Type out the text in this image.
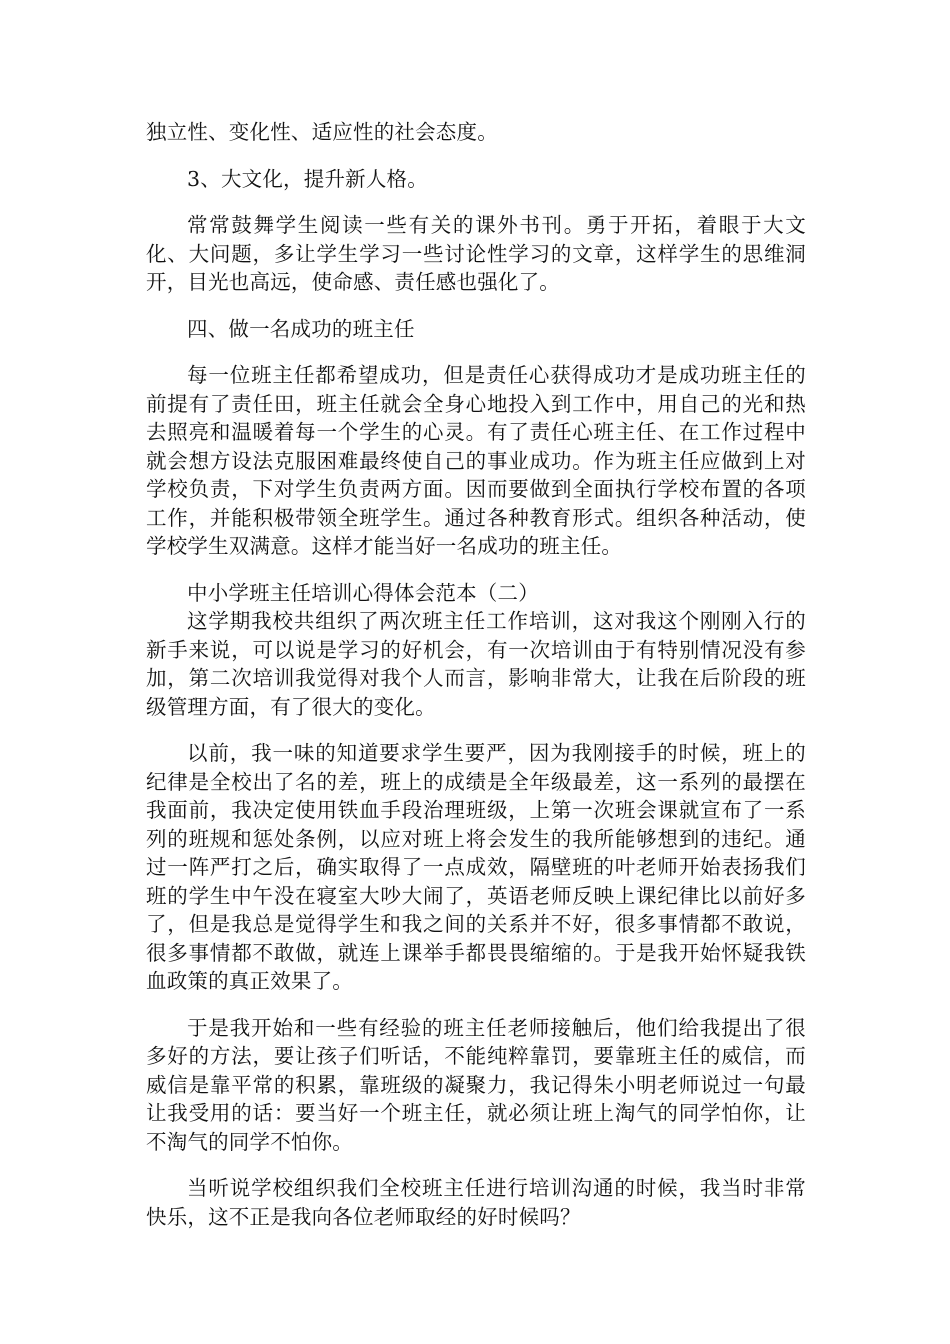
独立性、变化性、适应性的社会态度。

3、大文化，提升新人格。

常常鼓舞学生阅读一些有关的课外书刊。勇于开拓，着眼于大文化、大问题，多让学生学习一些讨论性学习的文章，这样学生的思维洞开，目光也高远，使命感、责任感也强化了。

四、做一名成功的班主任

每一位班主任都希望成功，但是责任心获得成功才是成功班主任的前提有了责任田，班主任就会全身心地投入到工作中，用自己的光和热去照亮和温暖着每一个学生的心灵。有了责任心班主任、在工作过程中就会想方设法克服困难最终使自己的事业成功。作为班主任应做到上对学校负责，下对学生负责两方面。因而要做到全面执行学校布置的各项工作，并能积极带领全班学生。通过各种教育形式。组织各种活动，使学校学生双满意。这样才能当好一名成功的班主任。

中小学班主任培训心得体会范本（二）

这学期我校共组织了两次班主任工作培训，这对我这个刚刚入行的新手来说，可以说是学习的好机会，有一次培训由于有特别情况没有参加，第二次培训我觉得对我个人而言，影响非常大，让我在后阶段的班级管理方面，有了很大的变化。

以前，我一味的知道要求学生要严，因为我刚接手的时候，班上的纪律是全校出了名的差，班上的成绩是全年级最差，这一系列的最摆在我面前，我决定使用铁血手段治理班级，上第一次班会课就宣布了一系列的班规和惩处条例，以应对班上将会发生的我所能够想到的违纪。通过一阵严打之后，确实取得了一点成效，隔壁班的叶老师开始表扬我们班的学生中午没在寝室大吵大闹了，英语老师反映上课纪律比以前好多了，但是我总是觉得学生和我之间的关系并不好，很多事情都不敢说，很多事情都不敢做，就连上课举手都畏畏缩缩的。于是我开始怀疑我铁血政策的真正效果了。

于是我开始和一些有经验的班主任老师接触后，他们给我提出了很多好的方法，要让孩子们听话，不能纯粹靠罚，要靠班主任的威信，而威信是靠平常的积累，靠班级的凝聚力，我记得朱小明老师说过一句最让我受用的话：要当好一个班主任，就必须让班上淘气的同学怕你，让不淘气的同学不怕你。

当听说学校组织我们全校班主任进行培训沟通的时候，我当时非常快乐，这不正是我向各位老师取经的好时候吗？
